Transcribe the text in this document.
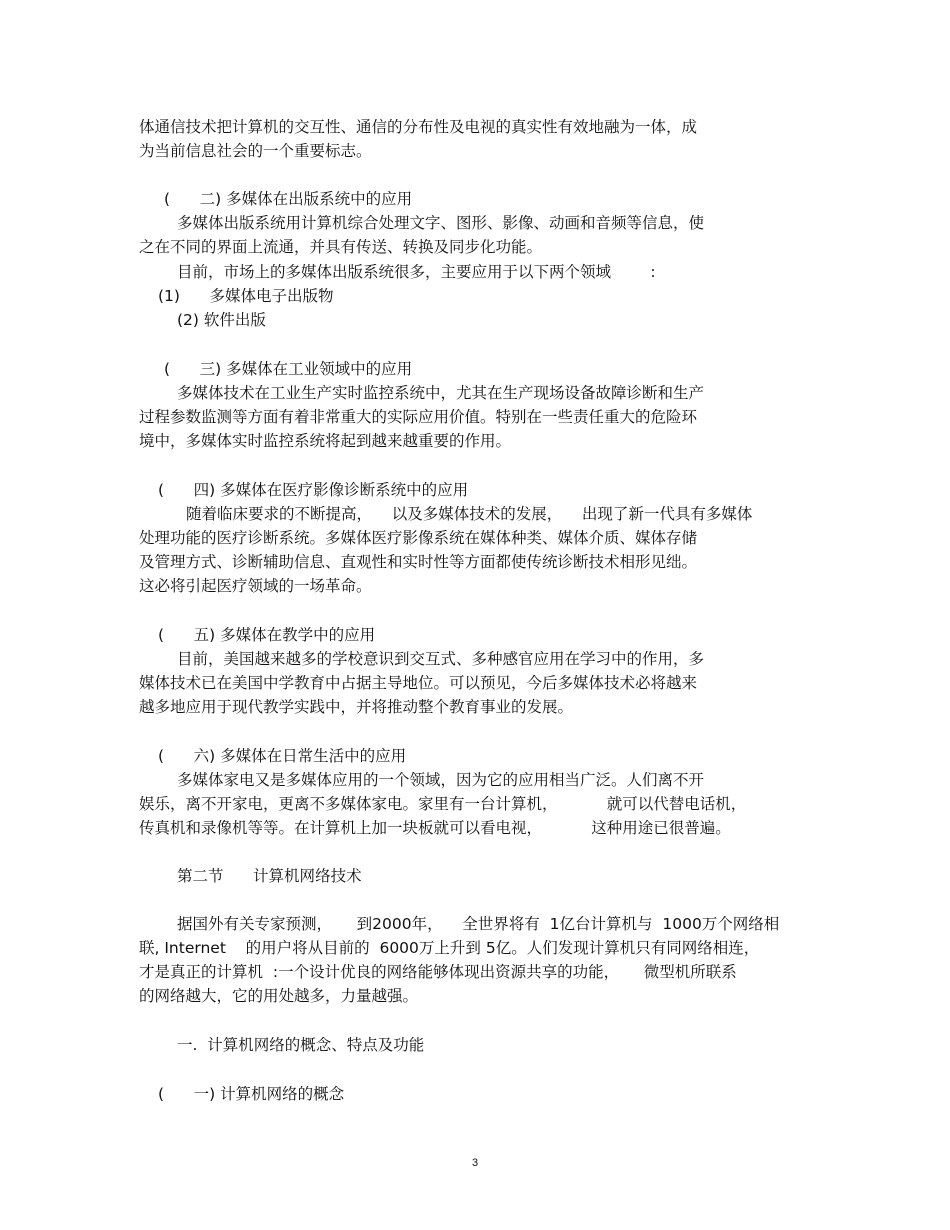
体通信技术把计算机的交互性、通信的分布性及电视的真实性有效地融为一体，成
为当前信息社会的一个重要标志。
(      二) 多媒体在出版系统中的应用
多媒体出版系统用计算机综合处理文字、图形、影像、动画和音频等信息，使
之在不同的界面上流通，并具有传送、转换及同步化功能。
目前，市场上的多媒体出版系统很多，主要应用于以下两个领域        :
(1)      多媒体电子出版物
(2) 软件出版
(      三) 多媒体在工业领域中的应用
多媒体技术在工业生产实时监控系统中，尤其在生产现场设备故障诊断和生产
过程参数监测等方面有着非常重大的实际应用价值。特别在一些责任重大的危险环
境中，多媒体实时监控系统将起到越来越重要的作用。
(      四) 多媒体在医疗影像诊断系统中的应用
随着临床要求的不断提高，    以及多媒体技术的发展，    出现了新一代具有多媒体
处理功能的医疗诊断系统。多媒体医疗影像系统在媒体种类、媒体介质、媒体存储
及管理方式、诊断辅助信息、直观性和实时性等方面都使传统诊断技术相形见绌。
这必将引起医疗领域的一场革命。
(      五) 多媒体在教学中的应用
目前，美国越来越多的学校意识到交互式、多种感官应用在学习中的作用，多
媒体技术已在美国中学教育中占据主导地位。可以预见，今后多媒体技术必将越来
越多地应用于现代教学实践中，并将推动整个教育事业的发展。
(      六) 多媒体在日常生活中的应用
多媒体家电又是多媒体应用的一个领域，因为它的应用相当广泛。人们离不开
娱乐，离不开家电，更离不多媒体家电。家里有一台计算机，          就可以代替电话机，
传真机和录像机等等。在计算机上加一块板就可以看电视，          这种用途已很普遍。
第二节      计算机网络技术
据国外有关专家预测，     到2000年，    全世界将有  1亿台计算机与  1000万个网络相
联, Internet    的用户将从目前的  6000万上升到 5亿。人们发现计算机只有同网络相连，
才是真正的计算机  :一个设计优良的网络能够体现出资源共享的功能，     微型机所联系
的网络越大，它的用处越多，力量越强。
一.  计算机网络的概念、特点及功能
(      一) 计算机网络的概念
3
